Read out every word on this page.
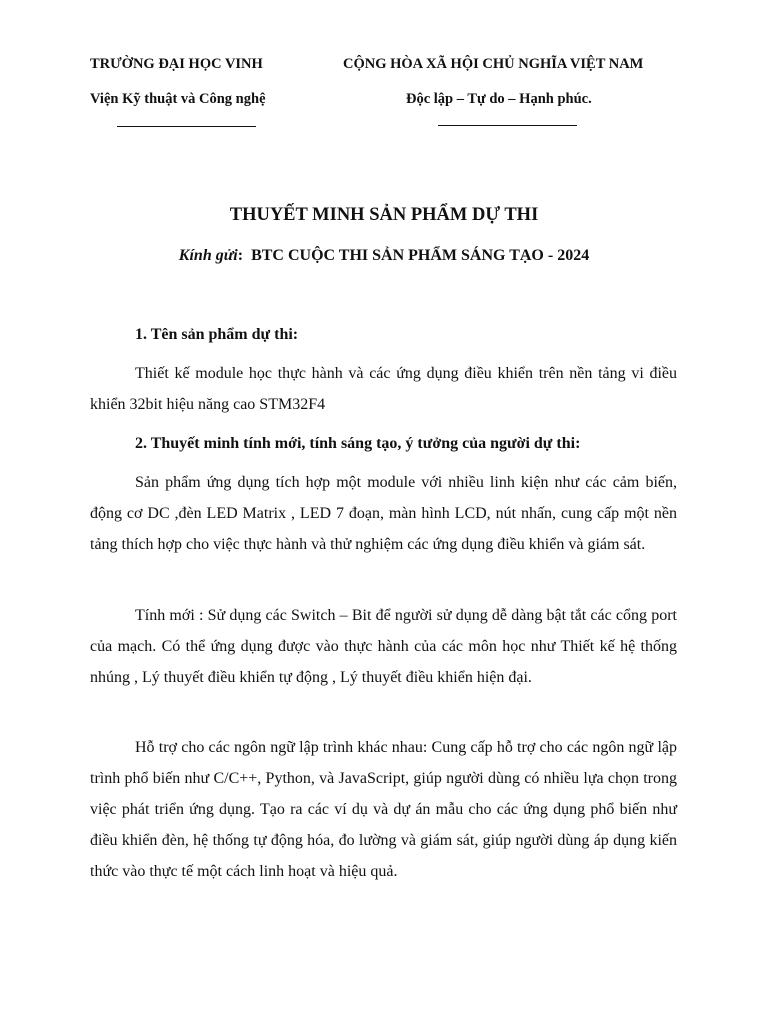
TRƯỜNG ĐẠI HỌC VINH
Viện Kỹ thuật và Công nghệ
CỘNG HÒA XÃ HỘI CHỦ NGHĨA VIỆT NAM
Độc lập – Tự do – Hạnh phúc.
THUYẾT MINH SẢN PHẨM DỰ THI
Kính gửi: BTC CUỘC THI SẢN PHẨM SÁNG TẠO - 2024
1. Tên sản phẩm dự thi:

Thiết kế module học thực hành và các ứng dụng điều khiển trên nền tảng vi điều khiển 32bit hiệu năng cao STM32F4

2. Thuyết minh tính mới, tính sáng tạo, ý tưởng của người dự thi:

Sản phẩm ứng dụng tích hợp một module với nhiều linh kiện như các cảm biến, động cơ DC ,đèn LED Matrix , LED 7 đoạn, màn hình LCD, nút nhấn, cung cấp một nền tảng thích hợp cho việc thực hành và thử nghiệm các ứng dụng điều khiển và giám sát.

Tính mới : Sử dụng các Switch – Bit để người sử dụng dễ dàng bật tắt các cổng port của mạch. Có thể ứng dụng được vào thực hành của các môn học như Thiết kế hệ thống nhúng , Lý thuyết điều khiển tự động , Lý thuyết điều khiển hiện đại.

Hỗ trợ cho các ngôn ngữ lập trình khác nhau: Cung cấp hỗ trợ cho các ngôn ngữ lập trình phổ biến như C/C++, Python, và JavaScript, giúp người dùng có nhiều lựa chọn trong việc phát triển ứng dụng. Tạo ra các ví dụ và dự án mẫu cho các ứng dụng phổ biến như điều khiển đèn, hệ thống tự động hóa, đo lường và giám sát, giúp người dùng áp dụng kiến thức vào thực tế một cách linh hoạt và hiệu quả.
